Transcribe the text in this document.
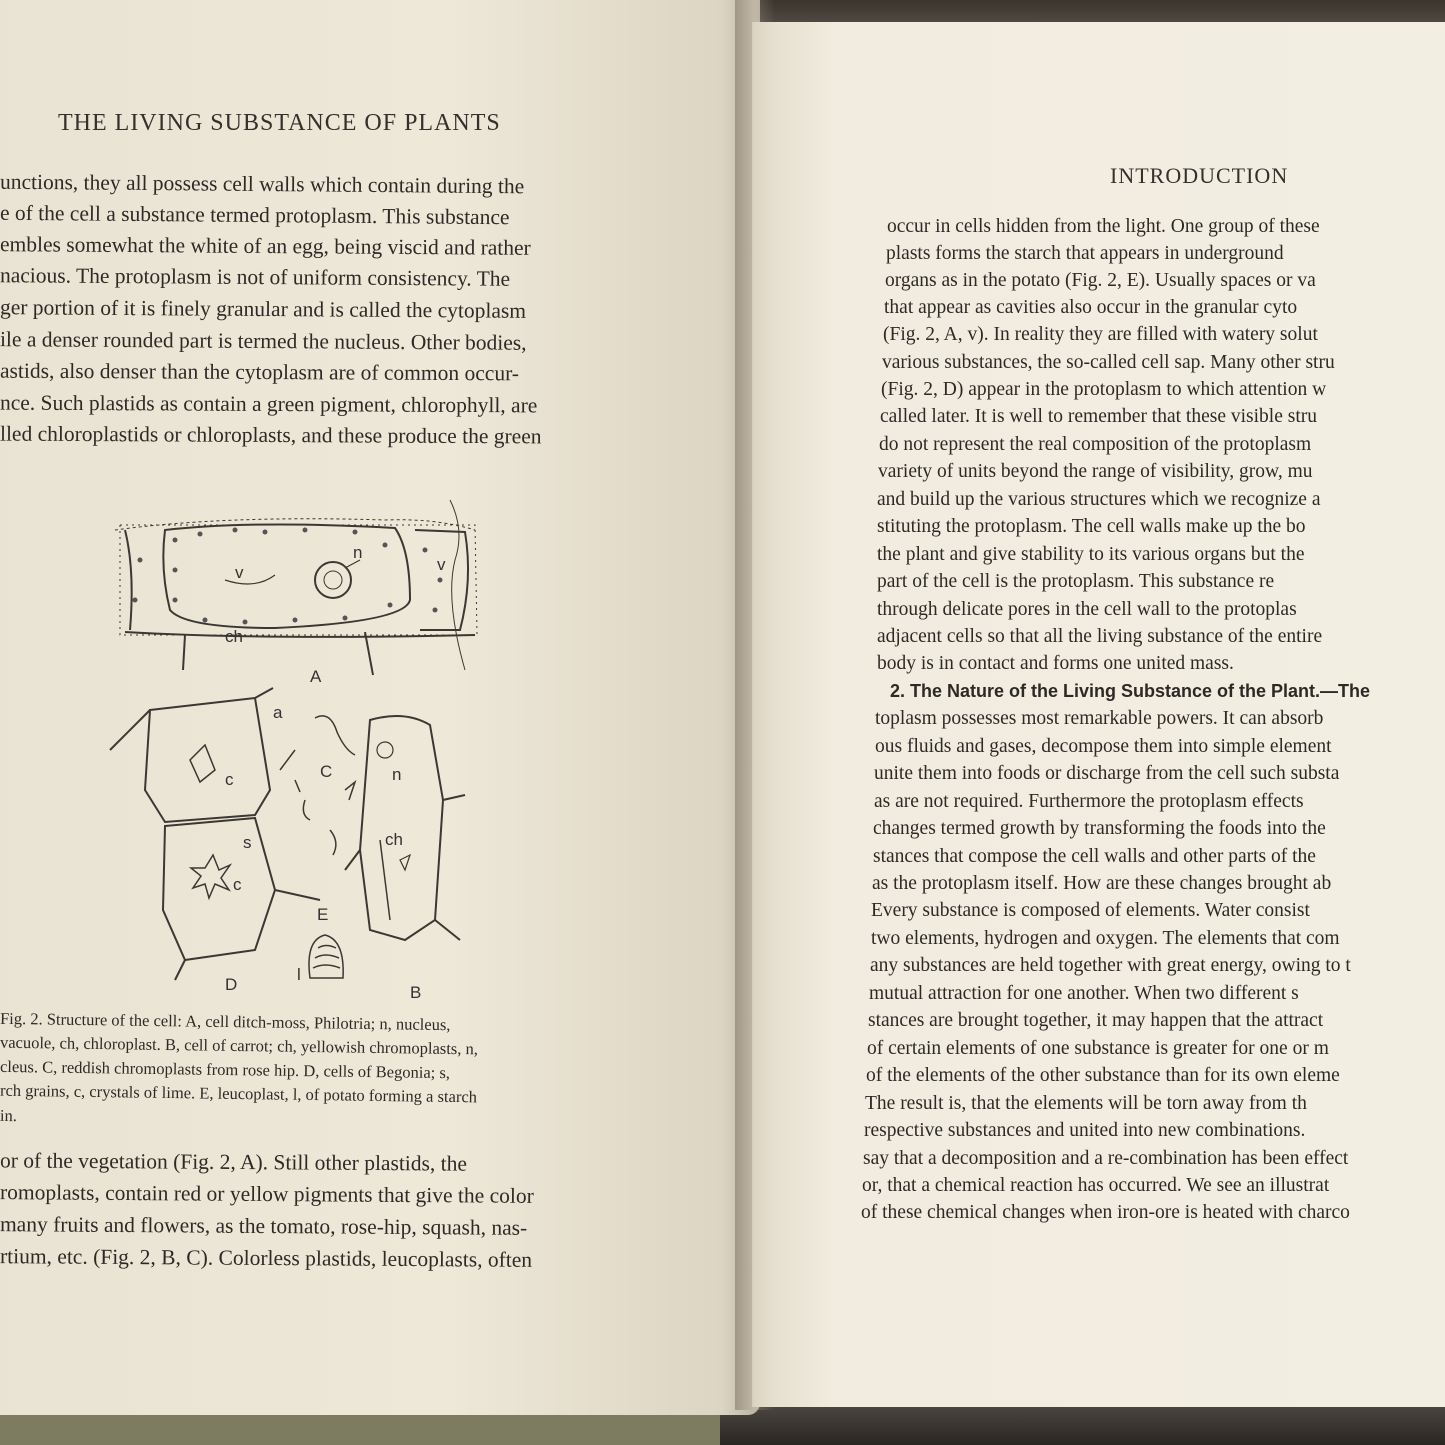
THE LIVING SUBSTANCE OF PLANTS
unctions, they all possess cell walls which contain during the
e of the cell a substance termed protoplasm. This substance
embles somewhat the white of an egg, being viscid and rather
nacious. The protoplasm is not of uniform consistency. The
ger portion of it is finely granular and is called the cytoplasm
ile a denser rounded part is termed the nucleus. Other bodies,
astids, also denser than the cytoplasm are of common occur-
nce. Such plastids as contain a green pigment, chlorophyll, are
lled chloroplastids or chloroplasts, and these produce the green
v
n
v
ch
A
a
C
c	n
ch
s
c
E
l
D	B
Fig. 2. Structure of the cell: A, cell ditch-moss, Philotria; n, nucleus,
vacuole, ch, chloroplast. B, cell of carrot; ch, yellowish chromoplasts, n,
cleus. C, reddish chromoplasts from rose hip. D, cells of Begonia; s,
rch grains, c, crystals of lime. E, leucoplast, l, of potato forming a starch
in.
or of the vegetation (Fig. 2, A). Still other plastids, the
romoplasts, contain red or yellow pigments that give the color
many fruits and flowers, as the tomato, rose-hip, squash, nas-
rtium, etc. (Fig. 2, B, C). Colorless plastids, leucoplasts, often
INTRODUCTION
occur in cells hidden from the light. One group of these
plasts forms the starch that appears in underground
organs as in the potato (Fig. 2, E). Usually spaces or va
that appear as cavities also occur in the granular cyto
(Fig. 2, A, v). In reality they are filled with watery solut
various substances, the so-called cell sap. Many other stru
(Fig. 2, D) appear in the protoplasm to which attention w
called later. It is well to remember that these visible stru
do not represent the real composition of the protoplasm
variety of units beyond the range of visibility, grow, mu
and build up the various structures which we recognize a
stituting the protoplasm. The cell walls make up the bo
the plant and give stability to its various organs but the
part of the cell is the protoplasm. This substance re
through delicate pores in the cell wall to the protoplas
adjacent cells so that all the living substance of the entire
body is in contact and forms one united mass.
2. The Nature of the Living Substance of the Plant.—The
toplasm possesses most remarkable powers. It can absorb
ous fluids and gases, decompose them into simple element
unite them into foods or discharge from the cell such substa
as are not required. Furthermore the protoplasm effects
changes termed growth by transforming the foods into the
stances that compose the cell walls and other parts of the
as the protoplasm itself. How are these changes brought ab
Every substance is composed of elements. Water consist
two elements, hydrogen and oxygen. The elements that com
any substances are held together with great energy, owing to t
mutual attraction for one another. When two different s
stances are brought together, it may happen that the attract
of certain elements of one substance is greater for one or m
of the elements of the other substance than for its own eleme
The result is, that the elements will be torn away from th
respective substances and united into new combinations.
say that a decomposition and a re-combination has been effect
or, that a chemical reaction has occurred. We see an illustrat
of these chemical changes when iron-ore is heated with charco
